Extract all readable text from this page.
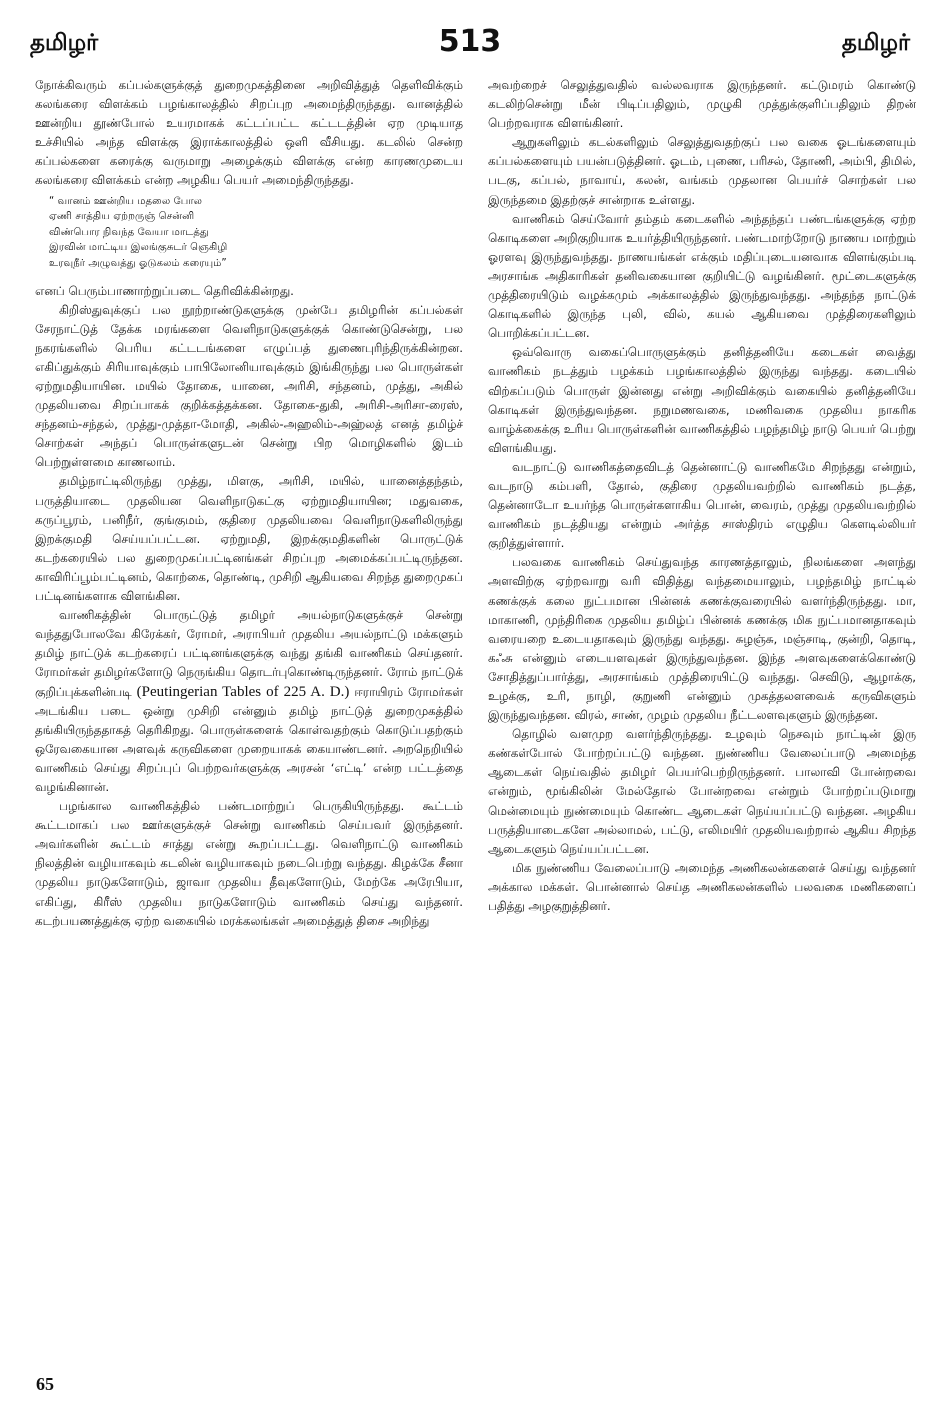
தமிழர்	513	தமிழர்

நோக்கிவரும் கப்பல்களுக்குத் துறைமுகத்தினை அறிவித்துத் தெளிவிக்கும் கலங்கரை விளக்கம் பழங்காலத்தில் சிறப்புற அமைந்திருந்தது. வானத்தில் ஊன்றிய தூண்போல் உயரமாகக் கட்டப்பட்ட கட்டடத்தின் ஏற முடியாத உச்சியில் அந்த விளக்கு இராக்காலத்தில் ஒளி வீசியது. கடலில் சென்ற கப்பல்களை கரைக்கு வருமாறு அழைக்கும் விளக்கு என்ற காரணமுடைய கலங்கரை விளக்கம் என்ற அழகிய பெயர் அமைந்திருந்தது.

“ வானம் ஊன்றிய மதலை போல
ஏணி சாத்திய ஏற்றருஞ் சென்னி
விண்பொர நிவந்த வேயா மாடத்து
இரவின் மாட்டிய இலங்குசுடர் ஞெகிழி
உரவுநீர் அழுவத்து ஓடுகலம் கரையும்”

எனப் பெரும்பாணாற்றுப்படை தெரிவிக்கின்றது.

கிறிஸ்துவுக்குப் பல நூற்றாண்டுகளுக்கு முன்பே தமிழரின் கப்பல்கள் சேரநாட்டுத் தேக்க மரங்களை வெளிநாடுகளுக்குக் கொண்டுசென்று, பல நகரங்களில் பெரிய கட்டடங்களை எழுப்பத் துணைபுரிந்திருக்கின்றன. எகிப்துக்கும் சிரியாவுக்கும் பாபிலோனியாவுக்கும் இங்கிருந்து பல பொருள்கள் ஏற்றுமதியாயின. மயில் தோகை, யானை, அரிசி, சந்தனம், முத்து, அகில் முதலியவை சிறப்பாகக் குறிக்கத்தக்கன. தோகை-துகி, அரிசி-அரிசா-ரைஸ், சந்தனம்-சந்தல், முத்து-முத்தா-மோதி, அகில்-அஹலிம்-அஹ்லத் எனத் தமிழ்ச் சொற்கள் அந்தப் பொருள்களுடன் சென்று பிற மொழிகளில் இடம் பெற்றுள்ளமை காணலாம்.

தமிழ்நாட்டிலிருந்து முத்து, மிளகு, அரிசி, மயில், யானைத்தந்தம், பருத்தியாடை முதலியன வெளிநாடுகட்கு ஏற்றுமதியாயின; மதுவகை, கருப்பூரம், பனிநீர், குங்குமம், குதிரை முதலியவை வெளிநாடுகளிலிருந்து இறக்குமதி செய்யப்பட்டன. ஏற்றுமதி, இறக்குமதிகளின் பொருட்டுக் கடற்கரையில் பல துறைமுகப்பட்டினங்கள் சிறப்புற அமைக்கப்பட்டிருந்தன. காவிரிப்பூம்பட்டினம், கொற்கை, தொண்டி, முசிறி ஆகியவை சிறந்த துறைமுகப் பட்டினங்களாக விளங்கின.

வாணிகத்தின் பொருட்டுத் தமிழர் அயல்நாடுகளுக்குச் சென்று வந்ததுபோலவே கிரேக்கர், ரோமர், அராபியர் முதலிய அயல்நாட்டு மக்களும் தமிழ் நாட்டுக் கடற்கரைப் பட்டினங்களுக்கு வந்து தங்கி வாணிகம் செய்தனர். ரோமர்கள் தமிழர்களோடு நெருங்கிய தொடர்புகொண்டிருந்தனர். ரோம் நாட்டுக் குறிப்புக்களின்படி (Peutingerian Tables of 225 A. D.) ஈராயிரம் ரோமர்கள் அடங்கிய படை ஒன்று முசிறி என்னும் தமிழ் நாட்டுத் துறைமுகத்தில் தங்கியிருந்ததாகத் தெரிகிறது. பொருள்களைக் கொள்வதற்கும் கொடுப்பதற்கும் ஒரேவகையான அளவுக் கருவிகளை முறையாகக் கையாண்டனர். அறநெறியில் வாணிகம் செய்து சிறப்புப் பெற்றவர்களுக்கு அரசன் ‘எட்டி’ என்ற பட்டத்தை வழங்கினான்.

பழங்கால வாணிகத்தில் பண்டமாற்றுப் பெருகியிருந்தது. கூட்டம் கூட்டமாகப் பல ஊர்களுக்குச் சென்று வாணிகம் செய்பவர் இருந்தனர். அவர்களின் கூட்டம் சாத்து என்று கூறப்பட்டது. வெளிநாட்டு வாணிகம் நிலத்தின் வழியாகவும் கடலின் வழியாகவும் நடைபெற்று வந்தது. கிழக்கே சீனா முதலிய நாடுகளோடும், ஜாவா முதலிய தீவுகளோடும், மேற்கே அரேபியா, எகிப்து, கிரீஸ் முதலிய நாடுகளோடும் வாணிகம் செய்து வந்தனர். கடற்பயணத்துக்கு ஏற்ற வகையில் மரக்கலங்கள் அமைத்துத் திசை அறிந்து

அவற்றைச் செலுத்துவதில் வல்லவராக இருந்தனர். கட்டுமரம் கொண்டு கடலிற்சென்று மீன் பிடிப்பதிலும், முழுகி முத்துக்குளிப்பதிலும் திறன் பெற்றவராக விளங்கினர்.

ஆறுகளிலும் கடல்களிலும் செலுத்துவதற்குப் பல வகை ஓடங்களையும் கப்பல்களையும் பயன்படுத்தினர். ஓடம், புணை, பரிசல், தோணி, அம்பி, திமில், படகு, கப்பல், நாவாய், கலன், வங்கம் முதலான பெயர்ச் சொற்கள் பல இருந்தமை இதற்குச் சான்றாக உள்ளது.

வாணிகம் செய்வோர் தம்தம் கடைகளில் அந்தந்தப் பண்டங்களுக்கு ஏற்ற கொடிகளை அறிகுறியாக உயர்த்தியிருந்தனர். பண்டமாற்றோடு நாணய மாற்றும் ஓரளவு இருந்துவந்தது. நாணயங்கள் எக்கும் மதிப்புடையனவாக விளங்கும்படி அரசாங்க அதிகாரிகள் தனிவகையான குறியிட்டு வழங்கினர். மூட்டைகளுக்கு முத்திரையிடும் வழக்கமும் அக்காலத்தில் இருந்துவந்தது. அந்தந்த நாட்டுக் கொடிகளில் இருந்த புலி, வில், கயல் ஆகியவை முத்திரைகளிலும் பொறிக்கப்பட்டன.

ஒவ்வொரு வகைப்பொருளுக்கும் தனித்தனியே கடைகள் வைத்து வாணிகம் நடத்தும் பழக்கம் பழங்காலத்தில் இருந்து வந்தது. கடையில் விற்கப்படும் பொருள் இன்னது என்று அறிவிக்கும் வகையில் தனித்தனியே கொடிகள் இருந்துவந்தன. நறுமணவகை, மணிவகை முதலிய நாகரிக வாழ்க்கைக்கு உரிய பொருள்களின் வாணிகத்தில் பழந்தமிழ் நாடு பெயர் பெற்று விளங்கியது.

வடநாட்டு வாணிகத்தைவிடத் தென்னாட்டு வாணிகமே சிறந்தது என்றும், வடநாடு கம்பளி, தோல், குதிரை முதலியவற்றில் வாணிகம் நடத்த, தென்னாடோ உயர்ந்த பொருள்களாகிய பொன், வைரம், முத்து முதலியவற்றில் வாணிகம் நடத்தியது என்றும் அர்த்த சாஸ்திரம் எழுதிய கௌடில்லியர் குறித்துள்ளார்.

பலவகை வாணிகம் செய்துவந்த காரணத்தாலும், நிலங்களை அளந்து அளவிற்கு ஏற்றவாறு வரி விதித்து வந்தமையாலும், பழந்தமிழ் நாட்டில் கணக்குக் கலை நுட்பமான பின்னக் கணக்குவரையில் வளர்ந்திருந்தது. மா, மாகாணி, முந்திரிகை முதலிய தமிழ்ப் பின்னக் கணக்கு மிக நுட்பமானதாகவும் வரையறை உடையதாகவும் இருந்து வந்தது. சுழஞ்சு, மஞ்சாடி, குன்றி, தொடி, கஃசு என்னும் எடையளவுகள் இருந்துவந்தன. இந்த அளவுகளைக்கொண்டு சோதித்துப்பார்த்து, அரசாங்கம் முத்திரையிட்டு வந்தது. செவிடு, ஆழாக்கு, உழக்கு, உரி, நாழி, குறுணி என்னும் முகத்தலளவைக் கருவிகளும் இருந்துவந்தன. விரல், சாண், முழம் முதலிய நீட்டலளவுகளும் இருந்தன.

தொழில் வளமுற வளர்ந்திருந்தது. உழவும் நெசவும் நாட்டின் இரு கண்கள்போல் போற்றப்பட்டு வந்தன. நுண்ணிய வேலைப்பாடு அமைந்த ஆடைகள் நெய்வதில் தமிழர் பெயர்பெற்றிருந்தனர். பாலாவி போன்றவை என்றும், மூங்கிலின் மேல்தோல் போன்றவை என்றும் போற்றப்படுமாறு மென்மையும் நுண்மையும் கொண்ட ஆடைகள் நெய்யப்பட்டு வந்தன. அழகிய பருத்தியாடைகளே அல்லாமல், பட்டு, எலிமயிர் முதலியவற்றால் ஆகிய சிறந்த ஆடைகளும் நெய்யப்பட்டன.

மிக நுண்ணிய வேலைப்பாடு அமைந்த அணிகலன்களைச் செய்து வந்தனர் அக்கால மக்கள். பொன்னால் செய்த அணிகலன்களில் பலவகை மணிகளைப் பதித்து அழகுறுத்தினர்.

65
